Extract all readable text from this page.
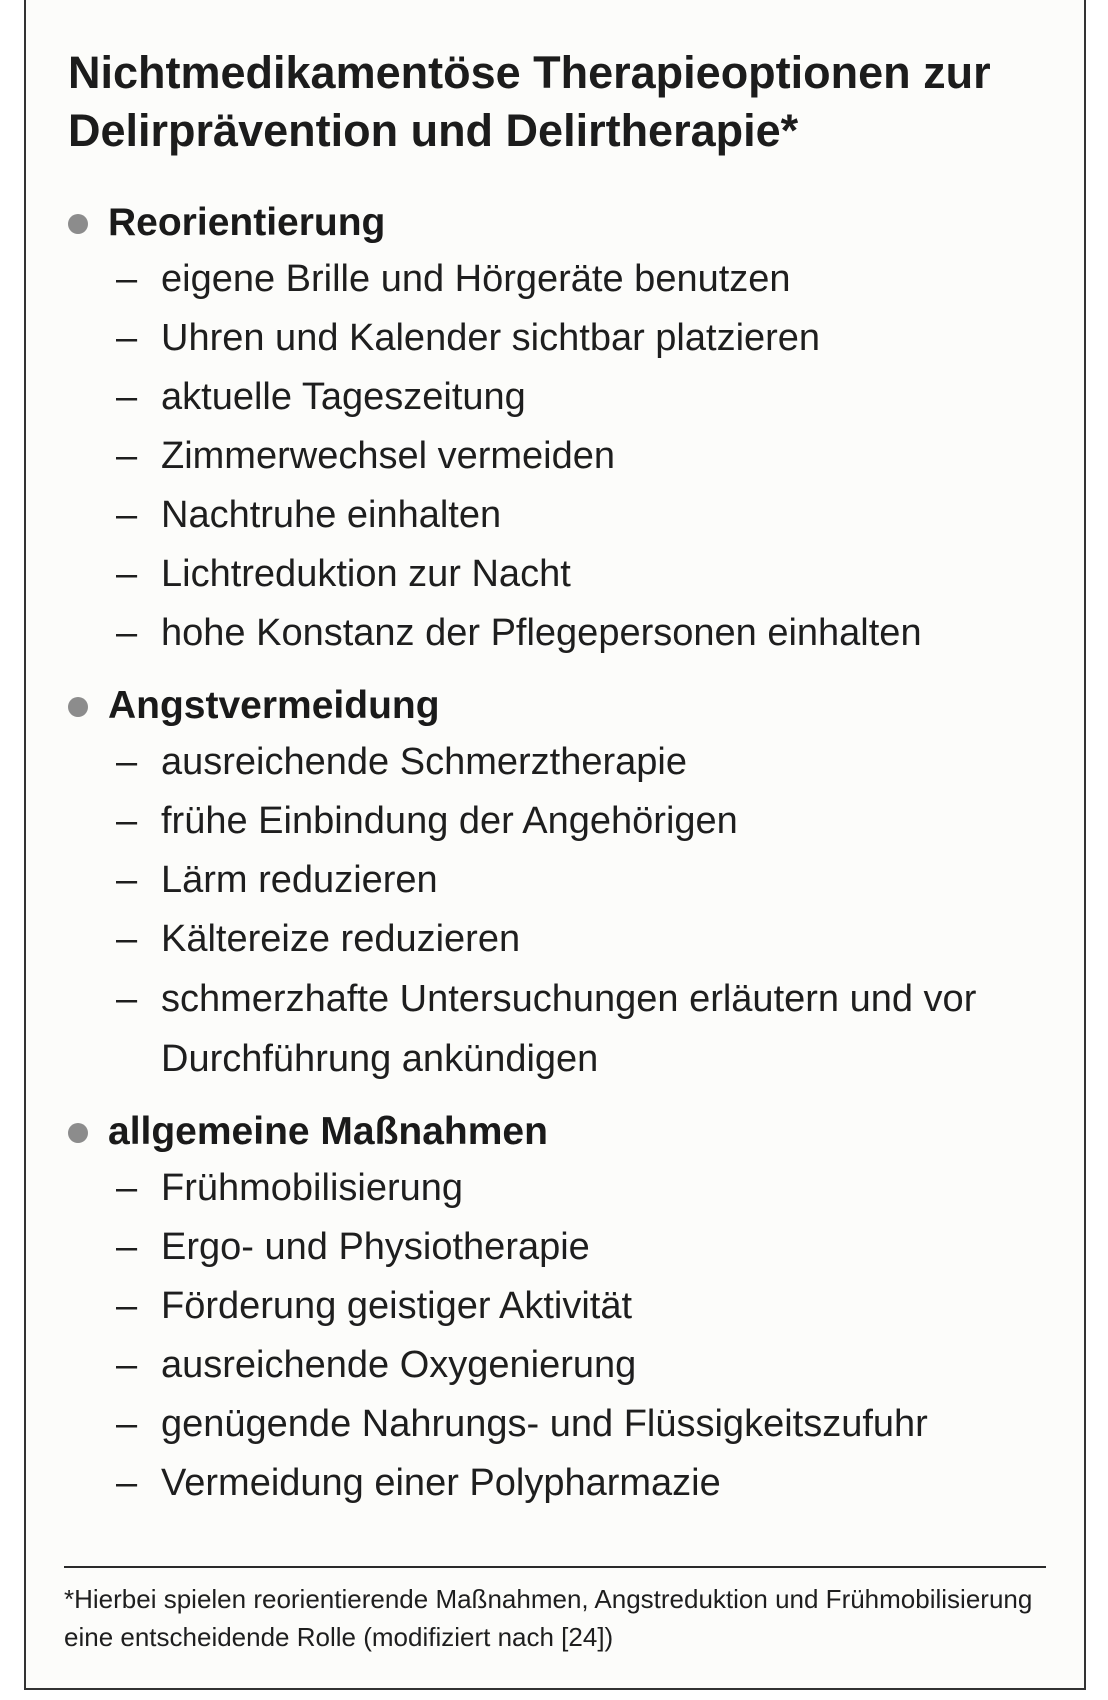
Nichtmedikamentöse Therapieoptionen zur Delirprävention und Delirtherapie*
Reorientierung
– eigene Brille und Hörgeräte benutzen
– Uhren und Kalender sichtbar platzieren
– aktuelle Tageszeitung
– Zimmerwechsel vermeiden
– Nachtruhe einhalten
– Lichtreduktion zur Nacht
– hohe Konstanz der Pflegepersonen einhalten
Angstvermeidung
– ausreichende Schmerztherapie
– frühe Einbindung der Angehörigen
– Lärm reduzieren
– Kältereize reduzieren
– schmerzhafte Untersuchungen erläutern und vor Durchführung ankündigen
allgemeine Maßnahmen
– Frühmobilisierung
– Ergo- und Physiotherapie
– Förderung geistiger Aktivität
– ausreichende Oxygenierung
– genügende Nahrungs- und Flüssigkeitszufuhr
– Vermeidung einer Polypharmazie

*Hierbei spielen reorientierende Maßnahmen, Angstreduktion und Frühmobilisierung eine entscheidende Rolle (modifiziert nach [24])
